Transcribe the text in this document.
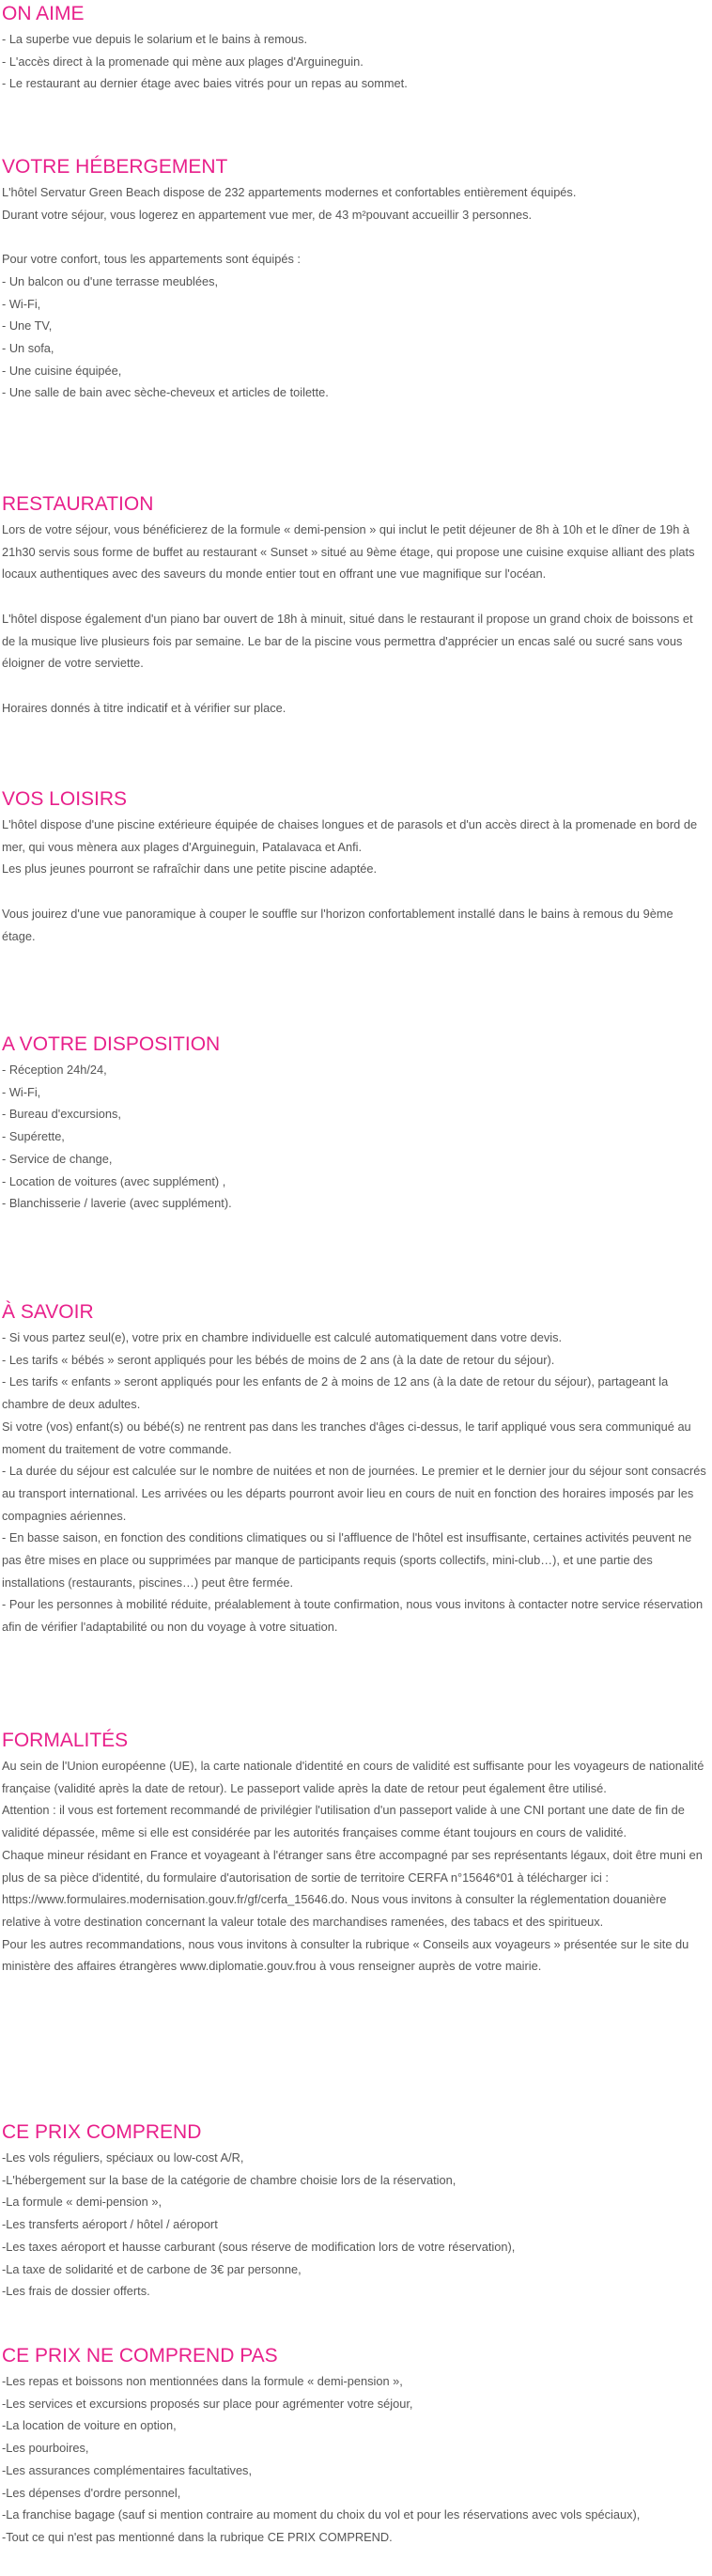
ON AIME
- La superbe vue depuis le solarium et le bains à remous.
- L'accès direct à la promenade qui mène aux plages d'Arguineguin.
- Le restaurant au dernier étage avec baies vitrés pour un repas au sommet.
VOTRE HÉBERGEMENT
L'hôtel Servatur Green Beach dispose de 232 appartements modernes et confortables entièrement équipés.
Durant votre séjour, vous logerez en appartement vue mer, de 43 m²pouvant accueillir 3 personnes.
Pour votre confort, tous les appartements sont équipés :
- Un balcon ou d'une terrasse meublées,
- Wi-Fi,
- Une TV,
- Un sofa,
- Une cuisine équipée,
- Une salle de bain avec sèche-cheveux et articles de toilette.
RESTAURATION

Lors de votre séjour, vous bénéficierez de la formule « demi-pension » qui inclut le petit déjeuner de 8h à 10h et le dîner de 19h à 21h30 servis sous forme de buffet au restaurant « Sunset » situé au 9ème étage, qui propose une cuisine exquise alliant des plats locaux authentiques avec des saveurs du monde entier tout en offrant une vue magnifique sur l'océan.

L'hôtel dispose également d'un piano bar ouvert de 18h à minuit, situé dans le restaurant il propose un grand choix de boissons et de la musique live plusieurs fois par semaine. Le bar de la piscine vous permettra d'apprécier un encas salé ou sucré sans vous éloigner de votre serviette.

Horaires donnés à titre indicatif et à vérifier sur place.

VOS LOISIRS

L'hôtel dispose d'une piscine extérieure équipée de chaises longues et de parasols et d'un accès direct à la promenade en bord de mer, qui vous mènera aux plages d'Arguineguin, Patalavaca et Anfi.

Les plus jeunes pourront se rafraîchir dans une petite piscine adaptée.

Vous jouirez d'une vue panoramique à couper le souffle sur l'horizon confortablement installé dans le bains à remous du 9ème étage.

A VOTRE DISPOSITION
- Réception 24h/24,
- Wi-Fi,
- Bureau d'excursions,
- Supérette,
- Service de change,
- Location de voitures (avec supplément) ,
- Blanchisserie / laverie (avec supplément).
À SAVOIR

- Si vous partez seul(e), votre prix en chambre individuelle est calculé automatiquement dans votre devis.

- Les tarifs « bébés » seront appliqués pour les bébés de moins de 2 ans (à la date de retour du séjour).

- Les tarifs « enfants » seront appliqués pour les enfants de 2 à moins de 12 ans (à la date de retour du séjour), partageant la chambre de deux adultes.

Si votre (vos) enfant(s) ou bébé(s) ne rentrent pas dans les tranches d'âges ci-dessus, le tarif appliqué vous sera communiqué au moment du traitement de votre commande.

- La durée du séjour est calculée sur le nombre de nuitées et non de journées. Le premier et le dernier jour du séjour sont consacrés au transport international. Les arrivées ou les départs pourront avoir lieu en cours de nuit en fonction des horaires imposés par les compagnies aériennes.

- En basse saison, en fonction des conditions climatiques ou si l'affluence de l'hôtel est insuffisante, certaines activités peuvent ne pas être mises en place ou supprimées par manque de participants requis (sports collectifs, mini-club…), et une partie des installations (restaurants, piscines…) peut être fermée.

- Pour les personnes à mobilité réduite, préalablement à toute confirmation, nous vous invitons à contacter notre service réservation afin de vérifier l'adaptabilité ou non du voyage à votre situation.

FORMALITÉS

Au sein de l'Union européenne (UE), la carte nationale d'identité en cours de validité est suffisante pour les voyageurs de nationalité française (validité après la date de retour). Le passeport valide après la date de retour peut également être utilisé.

Attention : il vous est fortement recommandé de privilégier l'utilisation d'un passeport valide à une CNI portant une date de fin de validité dépassée, même si elle est considérée par les autorités françaises comme étant toujours en cours de validité.

Chaque mineur résidant en France et voyageant à l'étranger sans être accompagné par ses représentants légaux, doit être muni en plus de sa pièce d'identité, du formulaire d'autorisation de sortie de territoire CERFA n°15646*01 à télécharger ici :

https://www.formulaires.modernisation.gouv.fr/gf/cerfa_15646.do. Nous vous invitons à consulter la réglementation douanière relative à votre destination concernant la valeur totale des marchandises ramenées, des tabacs et des spiritueux.

Pour les autres recommandations, nous vous invitons à consulter la rubrique « Conseils aux voyageurs » présentée sur le site du ministère des affaires étrangères www.diplomatie.gouv.frou à vous renseigner auprès de votre mairie.

CE PRIX COMPREND
-Les vols réguliers, spéciaux ou low-cost A/R,
-L'hébergement sur la base de la catégorie de chambre choisie lors de la réservation,
-La formule « demi-pension »,
-Les transferts aéroport / hôtel / aéroport
-Les taxes aéroport et hausse carburant (sous réserve de modification lors de votre réservation),
-La taxe de solidarité et de carbone de 3€ par personne,
-Les frais de dossier offerts.
CE PRIX NE COMPREND PAS
-Les repas et boissons non mentionnées dans la formule « demi-pension »,
-Les services et excursions proposés sur place pour agrémenter votre séjour,
-La location de voiture en option,
-Les pourboires,
-Les assurances complémentaires facultatives,
-Les dépenses d'ordre personnel,
-La franchise bagage (sauf si mention contraire au moment du choix du vol et pour les réservations avec vols spéciaux),
-Tout ce qui n'est pas mentionné dans la rubrique CE PRIX COMPREND.
